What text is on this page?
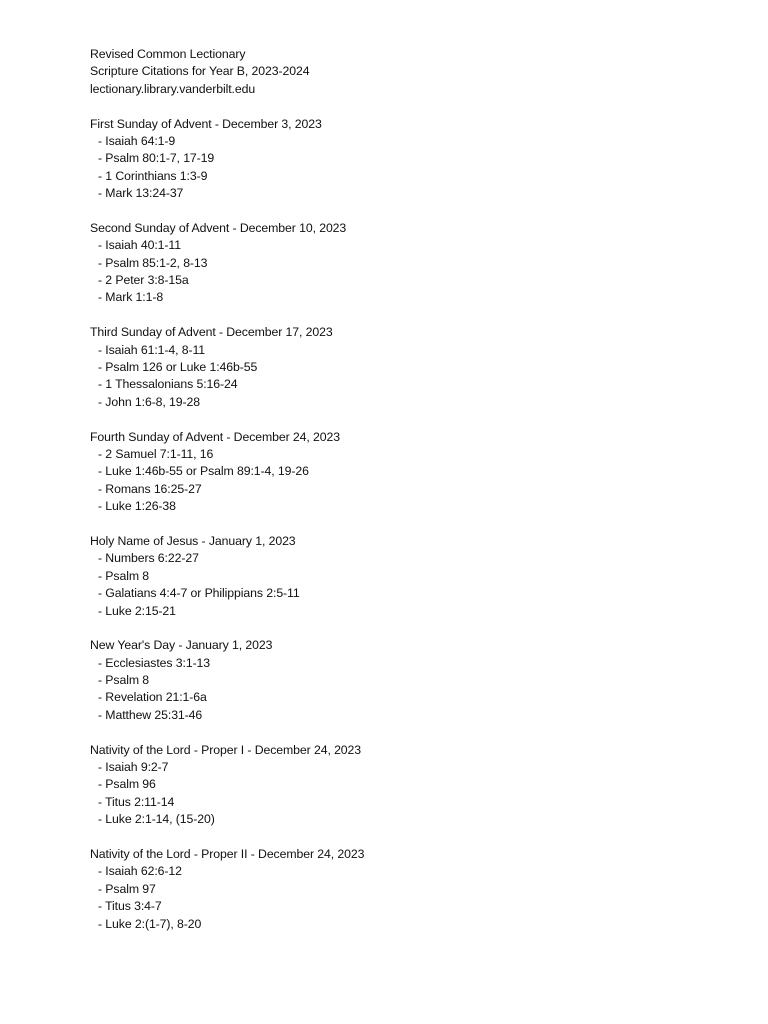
Revised Common Lectionary
Scripture Citations for Year B, 2023-2024
lectionary.library.vanderbilt.edu
First Sunday of Advent - December 3, 2023
- Isaiah 64:1-9
- Psalm 80:1-7, 17-19
- 1 Corinthians 1:3-9
- Mark 13:24-37
Second Sunday of Advent - December 10, 2023
- Isaiah 40:1-11
- Psalm 85:1-2, 8-13
- 2 Peter 3:8-15a
- Mark 1:1-8
Third Sunday of Advent - December 17, 2023
- Isaiah 61:1-4, 8-11
- Psalm 126 or Luke 1:46b-55
- 1 Thessalonians 5:16-24
- John 1:6-8, 19-28
Fourth Sunday of Advent - December 24, 2023
- 2 Samuel 7:1-11, 16
- Luke 1:46b-55 or Psalm 89:1-4, 19-26
- Romans 16:25-27
- Luke 1:26-38
Holy Name of Jesus - January 1, 2023
- Numbers 6:22-27
- Psalm 8
- Galatians 4:4-7 or Philippians 2:5-11
- Luke 2:15-21
New Year's Day - January 1, 2023
- Ecclesiastes 3:1-13
- Psalm 8
- Revelation 21:1-6a
- Matthew 25:31-46
Nativity of the Lord - Proper I - December 24, 2023
- Isaiah 9:2-7
- Psalm 96
- Titus 2:11-14
- Luke 2:1-14, (15-20)
Nativity of the Lord - Proper II - December 24, 2023
- Isaiah 62:6-12
- Psalm 97
- Titus 3:4-7
- Luke 2:(1-7), 8-20
